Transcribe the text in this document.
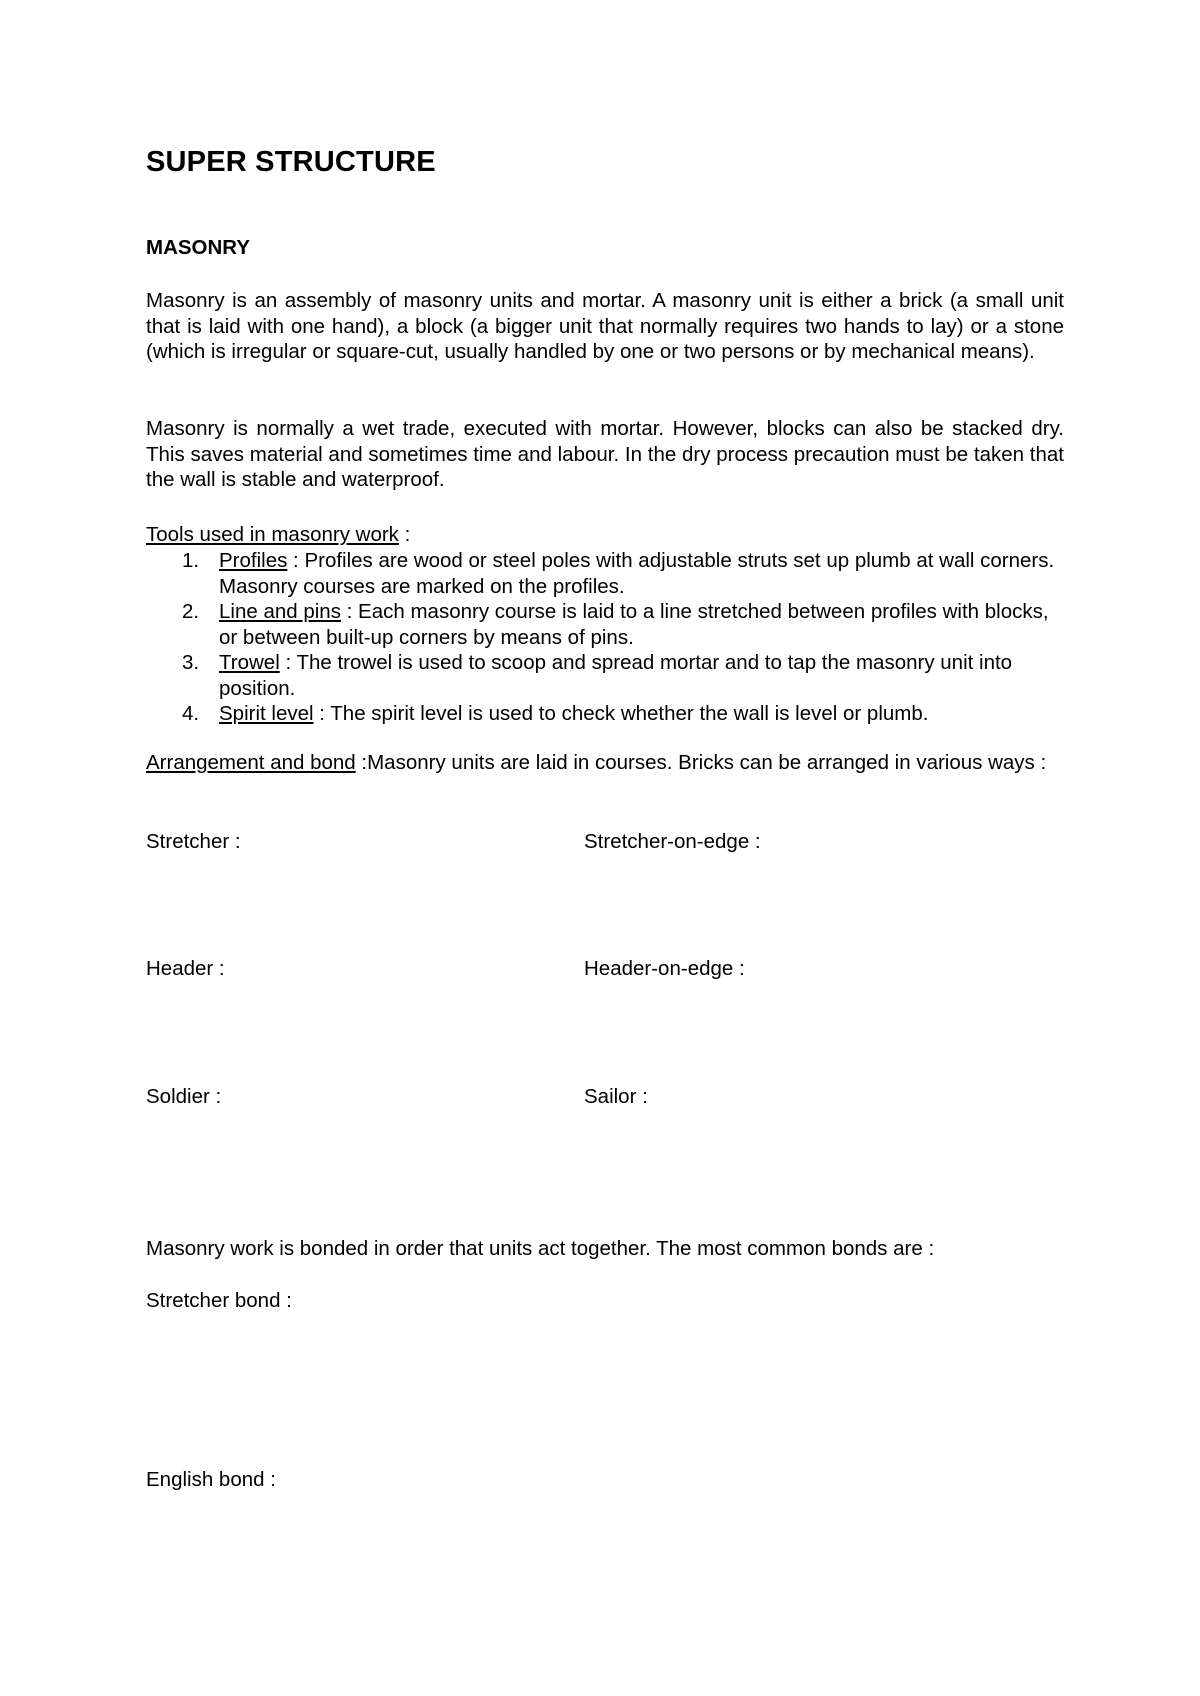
SUPER STRUCTURE
MASONRY

Masonry is an assembly of masonry units and mortar. A masonry unit is either a brick (a small unit that is laid with one hand), a block (a bigger unit that normally requires two hands to lay) or a stone (which is irregular or square-cut, usually handled by one or two persons or by mechanical means).

Masonry is normally a wet trade, executed with mortar. However, blocks can also be stacked dry. This saves material and sometimes time and labour. In the dry process precaution must be taken that the wall is stable and waterproof.

Tools used in masonry work :

1. Profiles : Profiles are wood or steel poles with adjustable struts set up plumb at wall corners. Masonry courses are marked on the profiles.
2. Line and pins : Each masonry course is laid to a line stretched between profiles with blocks, or between built-up corners by means of pins.
3. Trowel : The trowel is used to scoop and spread mortar and to tap the masonry unit into position.
4. Spirit level : The spirit level is used to check whether the wall is level or plumb.

Arrangement and bond :Masonry units are laid in courses. Bricks can be arranged in various ways :

Stretcher :	Stretcher-on-edge :
Header :	Header-on-edge :
Soldier :	Sailor :

Masonry work is bonded in order that units act together. The most common bonds are :

Stretcher bond :
English bond :
